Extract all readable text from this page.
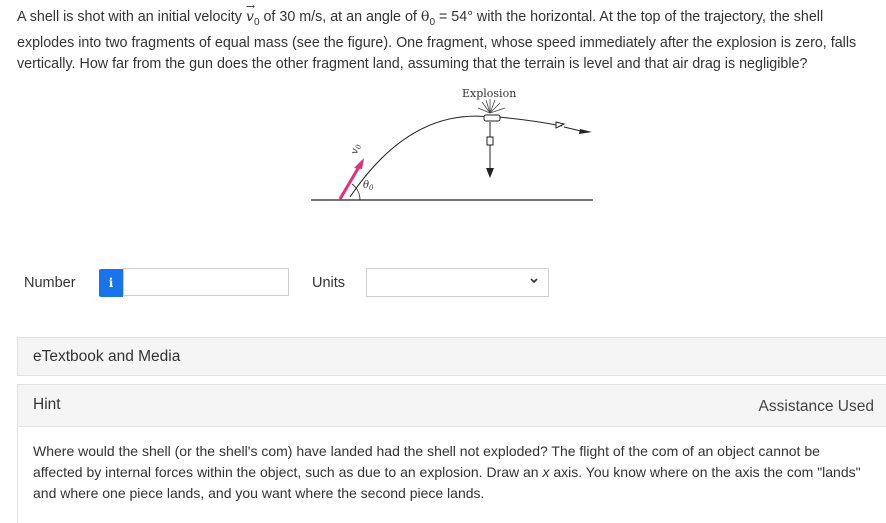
A shell is shot with an initial velocity → $v_0$ of 30 m/s, at an angle of $\theta_0 = 54^\circ$ with the horizontal. At the top of the trajectory, the shell explodes into two fragments of equal mass (see the figure). One fragment, whose speed immediately after the explosion is zero, falls vertically. How far from the gun does the other fragment land, assuming that the terrain is level and that air drag is negligible?
Explosion
$v_0$
$\theta_0$
Number	i	Units
eTextbook and Media
Hint	Assistance Used
Where would the shell (or the shell's com) have landed had the shell not exploded? The flight of the com of an object cannot be affected by internal forces within the object, such as due to an explosion. Draw an x axis. You know where on the axis the com "lands" and where one piece lands, and you want where the second piece lands.
